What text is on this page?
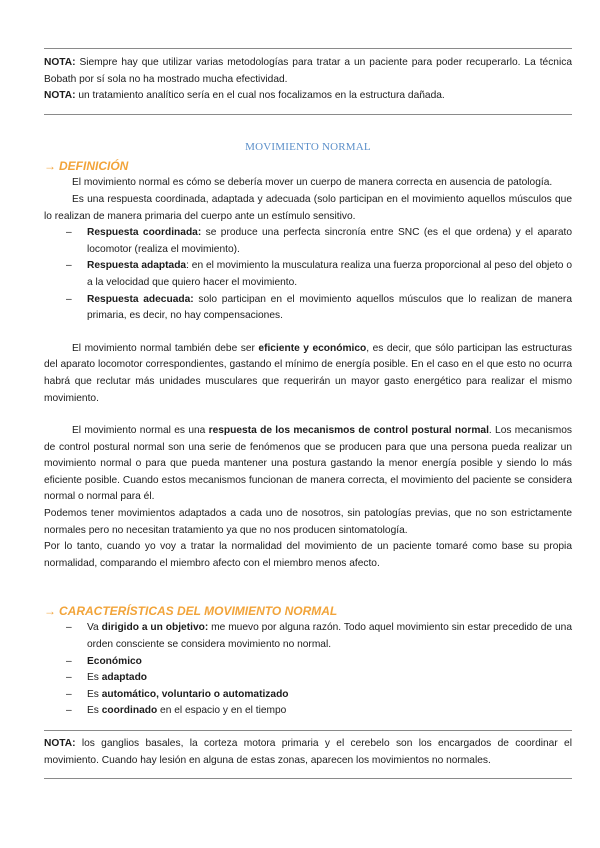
NOTA: Siempre hay que utilizar varias metodologías para tratar a un paciente para poder recuperarlo. La técnica Bobath por sí sola no ha mostrado mucha efectividad.

NOTA: un tratamiento analítico sería en el cual nos focalizamos en la estructura dañada.

MOVIMIENTO NORMAL
→ DEFINICIÓN

El movimiento normal es cómo se debería mover un cuerpo de manera correcta en ausencia de patología.

Es una respuesta coordinada, adaptada y adecuada (solo participan en el movimiento aquellos músculos que lo realizan de manera primaria del cuerpo ante un estímulo sensitivo.

– Respuesta coordinada: se produce una perfecta sincronía entre SNC (es el que ordena) y el aparato locomotor (realiza el movimiento).
– Respuesta adaptada: en el movimiento la musculatura realiza una fuerza proporcional al peso del objeto o a la velocidad que quiero hacer el movimiento.
– Respuesta adecuada: solo participan en el movimiento aquellos músculos que lo realizan de manera primaria, es decir, no hay compensaciones.

El movimiento normal también debe ser eficiente y económico, es decir, que sólo participan las estructuras del aparato locomotor correspondientes, gastando el mínimo de energía posible. En el caso en el que esto no ocurra habrá que reclutar más unidades musculares que requerirán un mayor gasto energético para realizar el mismo movimiento.

El movimiento normal es una respuesta de los mecanismos de control postural normal. Los mecanismos de control postural normal son una serie de fenómenos que se producen para que una persona pueda realizar un movimiento normal o para que pueda mantener una postura gastando la menor energía posible y siendo lo más eficiente posible. Cuando estos mecanismos funcionan de manera correcta, el movimiento del paciente se considera normal o normal para él.

Podemos tener movimientos adaptados a cada uno de nosotros, sin patologías previas, que no son estrictamente normales pero no necesitan tratamiento ya que no nos producen sintomatología.

Por lo tanto, cuando yo voy a tratar la normalidad del movimiento de un paciente tomaré como base su propia normalidad, comparando el miembro afecto con el miembro menos afecto.

→ CARACTERÍSTICAS DEL MOVIMIENTO NORMAL
– Va dirigido a un objetivo: me muevo por alguna razón. Todo aquel movimiento sin estar precedido de una orden consciente se considera movimiento no normal.
– Económico
– Es adaptado
– Es automático, voluntario o automatizado
– Es coordinado en el espacio y en el tiempo

NOTA: los ganglios basales, la corteza motora primaria y el cerebelo son los encargados de coordinar el movimiento. Cuando hay lesión en alguna de estas zonas, aparecen los movimientos no normales.
